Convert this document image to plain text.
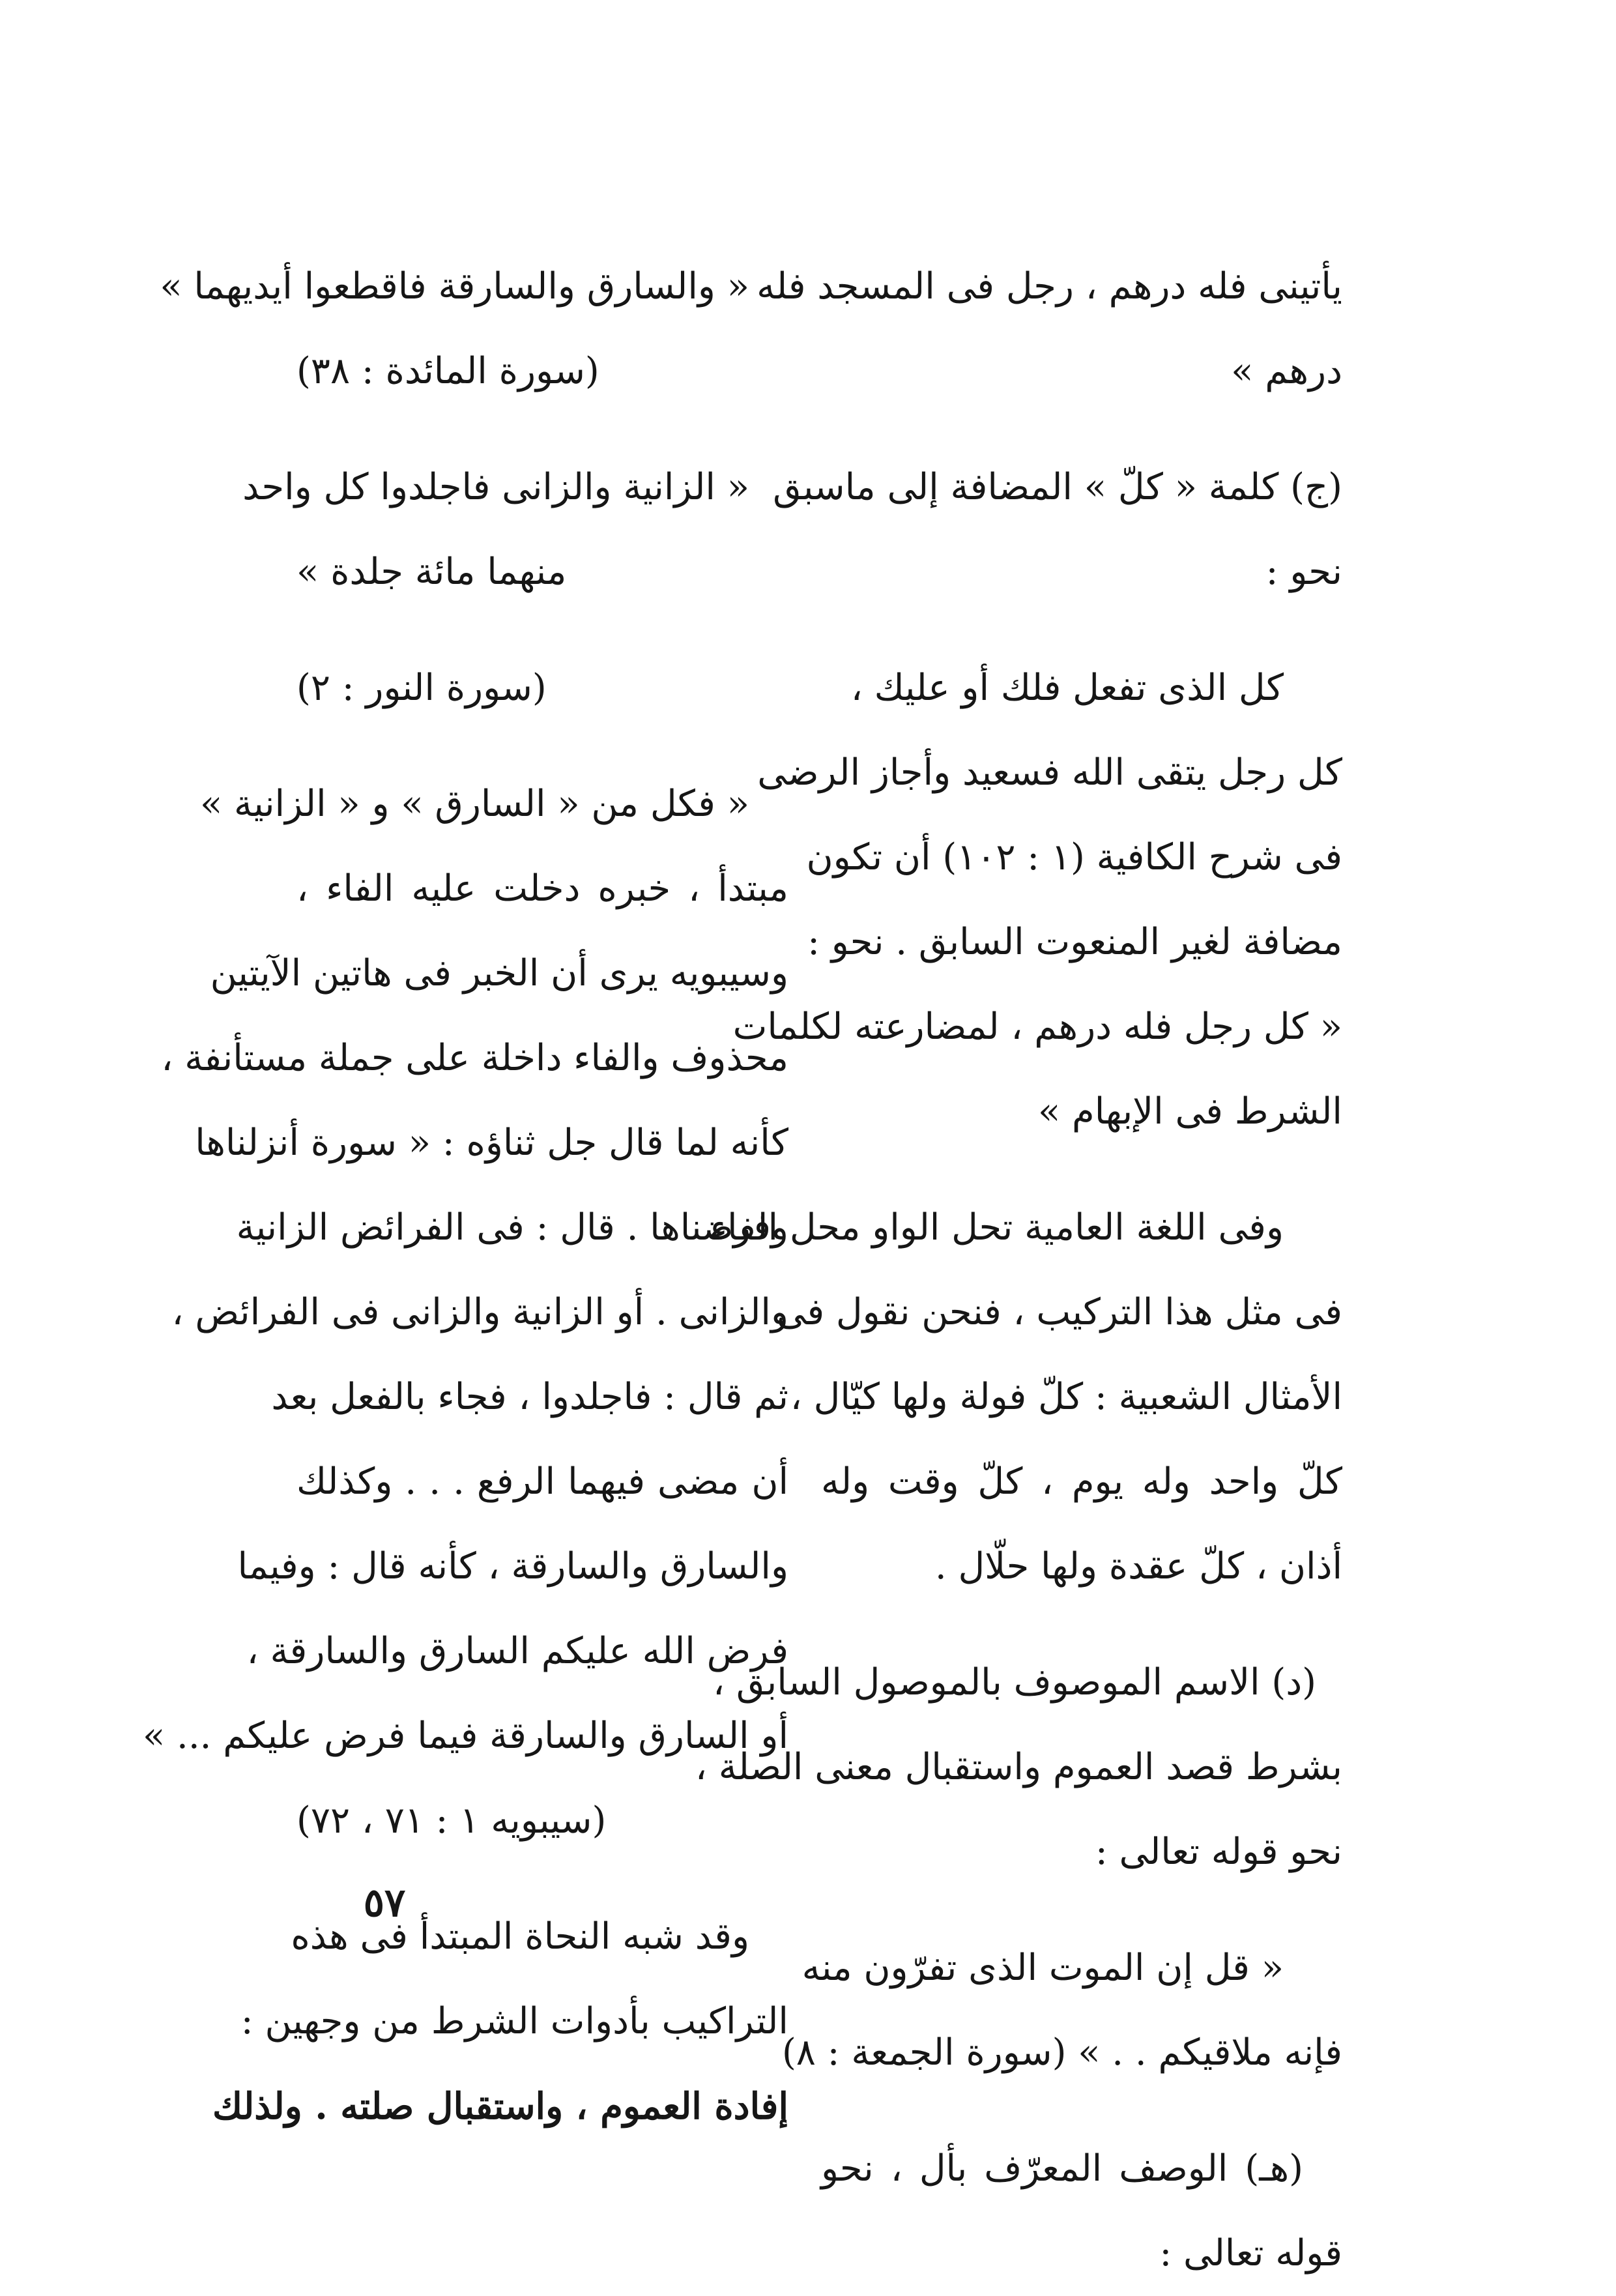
يأتينى فله درهم ، رجل فى المسجد فله
درهم »
(ج) كلمة « كلّ » المضافة إلى ماسبق
نحو :
كل الذى تفعل فلك أو عليك ،
كل رجل يتقى الله فسعيد وأجاز الرضى
فى شرح الكافية (١ : ١٠٢) أن تكون
مضافة لغير المنعوت السابق . نحو :
« كل رجل فله درهم ، لمضارعته لكلمات
الشرط فى الإبهام »
وفى اللغة العامية تحل الواو محل الفاء
فى مثل هذا التركيب ، فنحن نقول فى
الأمثال الشعبية : كلّ فولة ولها كيّال ،
كلّ واحد وله يوم ، كلّ وقت وله
أذان ، كلّ عقدة ولها حلّال .
(د) الاسم الموصوف بالموصول السابق ،
بشرط قصد العموم واستقبال معنى الصلة ،
نحو قوله تعالى :
« قل إن الموت الذى تفرّون منه
فإنه ملاقيكم . . » (سورة الجمعة : ٨)
(هـ) الوصف المعرّف بأل ، نحو
قوله تعالى :
« والسارق والسارقة فاقطعوا أيديهما »
(سورة المائدة : ٣٨)
« الزانية والزانى فاجلدوا كل واحد
منهما مائة جلدة »
(سورة النور : ٢)
« فكل من « السارق » و « الزانية »
مبتدأ ، خبره دخلت عليه الفاء ،
وسيبويه يرى أن الخبر فى هاتين الآيتين
محذوف والفاء داخلة على جملة مستأنفة ،
كأنه لما قال جل ثناؤه : « سورة أنزلناها
وفرضناها . قال : فى الفرائض الزانية
والزانى . أو الزانية والزانى فى الفرائض ،
ثم قال : فاجلدوا ، فجاء بالفعل بعد
أن مضى فيهما الرفع . . . وكذلك
والسارق والسارقة ، كأنه قال : وفيما
فرض الله عليكم السارق والسارقة ،
أو السارق والسارقة فيما فرض عليكم ... »
(سيبويه ١ : ٧١ ، ٧٢)
وقد شبه النحاة المبتدأ فى هذه
التراكيب بأدوات الشرط من وجهين :
إفادة العموم ، واستقبال صلته . ولذلك
٥٧
